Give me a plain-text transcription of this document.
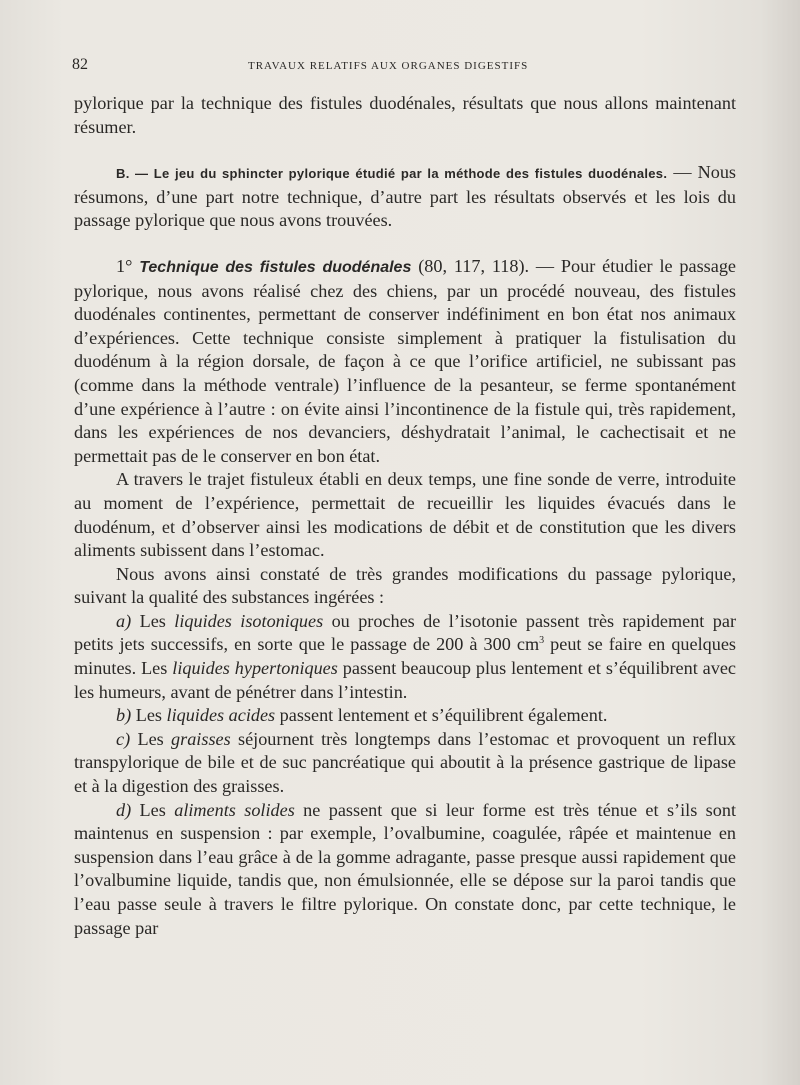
82	TRAVAUX RELATIFS AUX ORGANES DIGESTIFS

pylorique par la technique des fistules duodénales, résultats que nous allons maintenant résumer.

B. — Le jeu du sphincter pylorique étudié par la méthode des fistules duodénales. — Nous résumons, d’une part notre technique, d’autre part les résultats observés et les lois du passage pylorique que nous avons trouvées.

1° Technique des fistules duodénales (80, 117, 118). — Pour étudier le passage pylorique, nous avons réalisé chez des chiens, par un procédé nouveau, des fistules duodénales continentes, permettant de conserver indéfiniment en bon état nos animaux d’expériences. Cette technique consiste simplement à pratiquer la fistulisation du duodénum à la région dorsale, de façon à ce que l’orifice artificiel, ne subissant pas (comme dans la méthode ventrale) l’influence de la pesanteur, se ferme spontanément d’une expérience à l’autre : on évite ainsi l’incontinence de la fistule qui, très rapidement, dans les expériences de nos devanciers, déshydratait l’animal, le cachectisait et ne permettait pas de le conserver en bon état.

A travers le trajet fistuleux établi en deux temps, une fine sonde de verre, introduite au moment de l’expérience, permettait de recueillir les liquides évacués dans le duodénum, et d’observer ainsi les modications de débit et de constitution que les divers aliments subissent dans l’estomac.

Nous avons ainsi constaté de très grandes modifications du passage pylorique, suivant la qualité des substances ingérées :

a) Les liquides isotoniques ou proches de l’isotonie passent très rapidement par petits jets successifs, en sorte que le passage de 200 à 300 $cm^3$ peut se faire en quelques minutes. Les liquides hypertoniques passent beaucoup plus lentement et s’équilibrent avec les humeurs, avant de pénétrer dans l’intestin.

b) Les liquides acides passent lentement et s’équilibrent également.

c) Les graisses séjournent très longtemps dans l’estomac et provoquent un reflux transpylorique de bile et de suc pancréatique qui aboutit à la présence gastrique de lipase et à la digestion des graisses.

d) Les aliments solides ne passent que si leur forme est très ténue et s’ils sont maintenus en suspension : par exemple, l’ovalbumine, coagulée, râpée et maintenue en suspension dans l’eau grâce à de la gomme adragante, passe presque aussi rapidement que l’ovalbumine liquide, tandis que, non émulsionnée, elle se dépose sur la paroi tandis que l’eau passe seule à travers le filtre pylorique. On constate donc, par cette technique, le passage par
